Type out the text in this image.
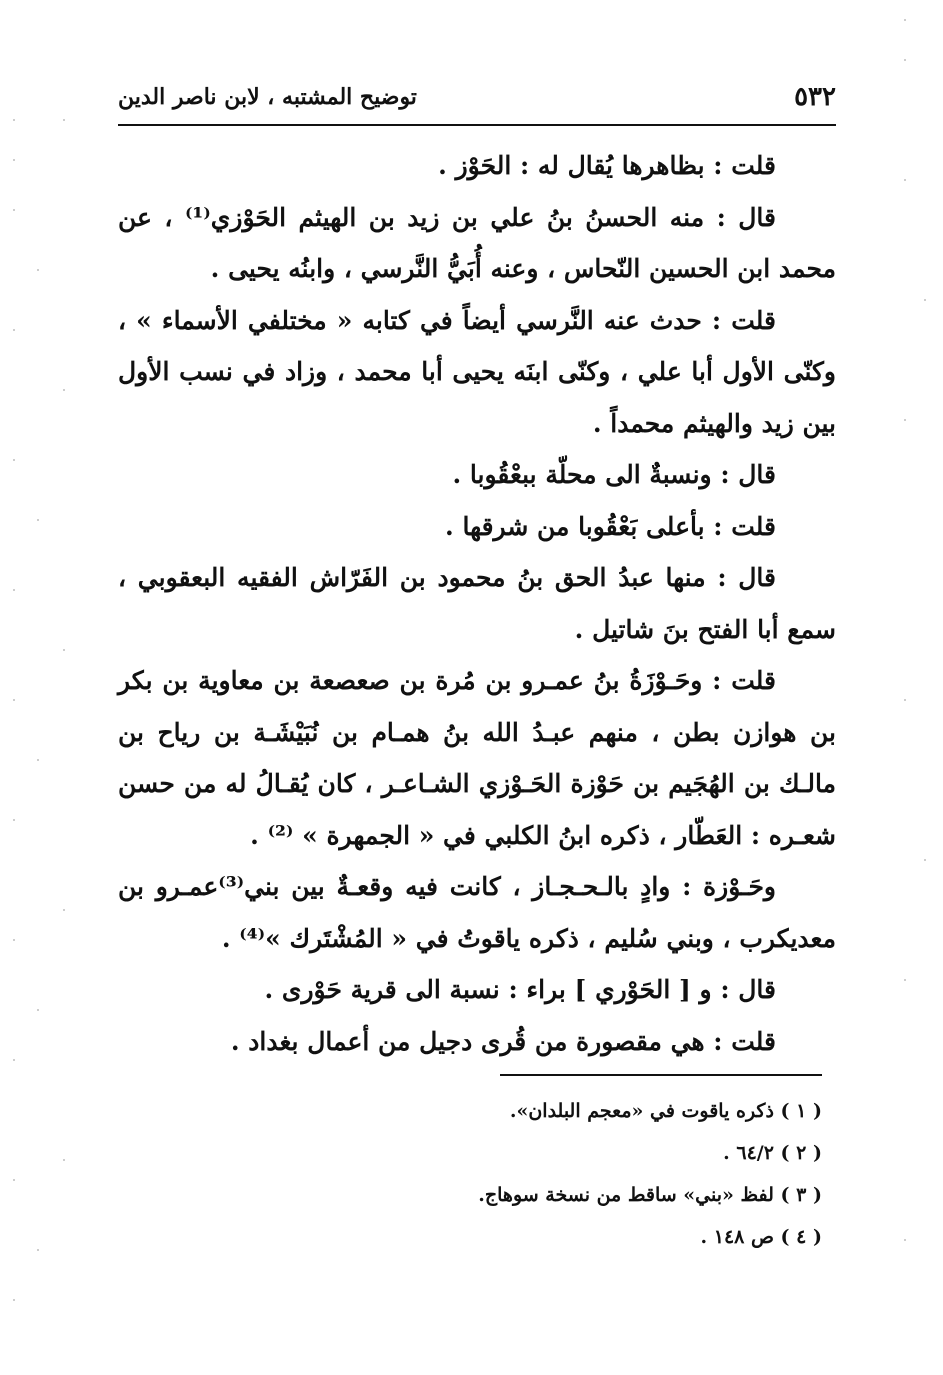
٥٣٢
توضيح المشتبه ، لابن ناصر الدين

قلت : بظاهرها يُقال له : الحَوْز .

قال : منه الحسنُ بنُ علي بن زيد بن الهيثم الحَوْزي⁽¹⁾ ، عن محمد ابن الحسين النّحاس ، وعنه أُبَيُّ النَّرسي ، وابنُه يحيى .

قلت : حدث عنه النَّرسي أيضاً في كتابه « مختلفي الأسماء » ، وكنّى الأول أبا علي ، وكنّى ابنَه يحيى أبا محمد ، وزاد في نسب الأول بين زيد والهيثم محمداً .

قال : ونسبةٌ الى محلّة ببعْقُوبا .

قلت : بأعلى بَعْقُوبا من شرقها .

قال : منها عبدُ الحق بنُ محمود بن الفَرّاش الفقيه البعقوبي ، سمع أبا الفتح بنَ شاتيل .

قلت : وحَـوْزَةُ بنُ عمـرو بن مُرة بن صعصعة بن معاوية بن بكر بن هوازن بطن ، منهم عبـدُ الله بنُ همـام بن نُبَيْشَـة بن رياح بن مالـك بن الهُجَيم بن حَوْزة الحَـوْزي الشـاعـر ، كان يُقـالُ له من حسن شعـره : العَطّار ، ذكره ابنُ الكلبي في « الجمهرة » ⁽²⁾ .

وحَـوْزة : وادٍ بالـحـجـاز ، كانت فيه وقعـةٌ بين بني⁽³⁾عمـرو بن معديكرب ، وبني سُليم ، ذكره ياقوتُ في « المُشْتَرك »⁽⁴⁾ .

قال : و [ الحَوْري ] براء : نسبة الى قرية حَوْرى .

قلت : هي مقصورة من قُرى دجيل من أعمال بغداد .

( ١ ) ذكره ياقوت في «معجم البلدان».
( ٢ ) ٦٤/٢ .
( ٣ ) لفظ «بني» ساقط من نسخة سوهاج.
( ٤ ) ص ١٤٨ .
